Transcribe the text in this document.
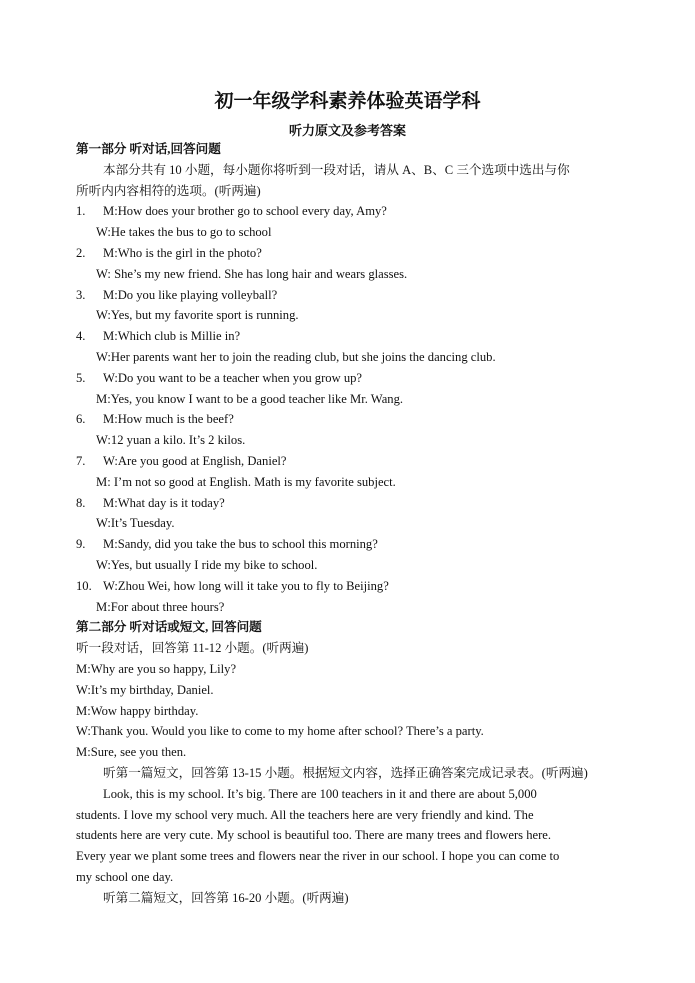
初一年级学科素养体验英语学科
听力原文及参考答案
第一部分 听对话,回答问题
本部分共有 10 小题，每小题你将听到一段对话，请从 A、B、C 三个选项中选出与你
所听内内容相符的选项。(听两遍)
1. M:How does your brother go to school every day, Amy?
W:He takes the bus to go to school
2. M:Who is the girl in the photo?
W: She’s my new friend. She has long hair and wears glasses.
3. M:Do you like playing volleyball?
W:Yes, but my favorite sport is running.
4. M:Which club is Millie in?
W:Her parents want her to join the reading club, but she joins the dancing club.
5. W:Do you want to be a teacher when you grow up?
M:Yes, you know I want to be a good teacher like Mr. Wang.
6. M:How much is the beef?
W:12 yuan a kilo. It’s 2 kilos.
7. W:Are you good at English, Daniel?
M: I’m not so good at English. Math is my favorite subject.
8. M:What day is it today?
W:It’s Tuesday.
9. M:Sandy, did you take the bus to school this morning?
W:Yes, but usually I ride my bike to school.
10. W:Zhou Wei, how long will it take you to fly to Beijing?
M:For about three hours?
第二部分 听对话或短文, 回答问题
听一段对话，回答第 11-12 小题。(听两遍)
M:Why are you so happy, Lily?
W:It’s my birthday, Daniel.
M:Wow happy birthday.
W:Thank you. Would you like to come to my home after school? There’s a party.
M:Sure, see you then.
听第一篇短文，回答第 13-15 小题。根据短文内容，选择正确答案完成记录表。(听两遍)
Look, this is my school. It’s big. There are 100 teachers in it and there are about 5,000
students. I love my school very much. All the teachers here are very friendly and kind. The
students here are very cute. My school is beautiful too. There are many trees and flowers here.
Every year we plant some trees and flowers near the river in our school. I hope you can come to
my school one day.
听第二篇短文，回答第 16-20 小题。(听两遍)
